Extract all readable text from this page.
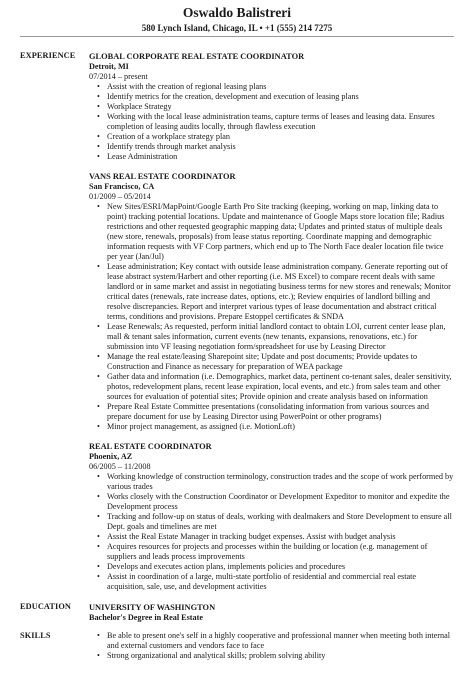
Oswaldo Balistreri
580 Lynch Island, Chicago, IL • +1 (555) 214 7275
EXPERIENCE GLOBAL CORPORATE REAL ESTATE COORDINATOR
Detroit, MI
07/2014 – present
• Assist with the creation of regional leasing plans
• Identify metrics for the creation, development and execution of leasing plans
• Workplace Strategy
• Working with the local lease administration teams, capture terms of leases and leasing data. Ensures completion of leasing audits locally, through flawless execution
• Creation of a workplace strategy plan
• Identify trends through market analysis
• Lease Administration
VANS REAL ESTATE COORDINATOR
San Francisco, CA
01/2009 – 05/2014
• New Sites/ESRI/MapPoint/Google Earth Pro Site tracking (keeping, working on map, linking data to point) tracking potential locations. Update and maintenance of Google Maps store location file; Radius restrictions and other requested geographic mapping data; Updates and printed status of multiple deals (new store, renewals, proposals) from lease status reporting. Coordinate mapping and demographic information requests with VF Corp partners, which end up to The North Face dealer location file twice per year (Jan/Jul)
• Lease administration; Key contact with outside lease administration company. Generate reporting out of lease abstract system/Harbert and other reporting (i.e. MS Excel) to compare recent deals with same landlord or in same market and assist in negotiating business terms for new stores and renewals; Monitor critical dates (renewals, rate increase dates, options, etc.); Review enquiries of landlord billing and resolve discrepancies. Report and interpret various types of lease documentation and abstract critical terms, conditions and provisions. Prepare Estoppel certificates & SNDA
• Lease Renewals; As requested, perform initial landlord contact to obtain LOI, current center lease plan, mall & tenant sales information, current events (new tenants, expansions, renovations, etc.) for submission into VF leasing negotiation form/spreadsheet for use by Leasing Director
• Manage the real estate/leasing Sharepoint site; Update and post documents; Provide updates to Construction and Finance as necessary for preparation of WEA package
• Gather data and information (i.e. Demographics, market data, pertinent co-tenant sales, dealer sensitivity, photos, redevelopment plans, recent lease expiration, local events, and etc.) from sales team and other sources for evaluation of potential sites; Provide opinion and create analysis based on information
• Prepare Real Estate Committee presentations (consolidating information from various sources and prepare document for use by Leasing Director using PowerPoint or other programs)
• Minor project management, as assigned (i.e. MotionLoft)
REAL ESTATE COORDINATOR
Phoenix, AZ
06/2005 – 11/2008
• Working knowledge of construction terminology, construction trades and the scope of work performed by various trades
• Works closely with the Construction Coordinator or Development Expeditor to monitor and expedite the Development process
• Tracking and follow-up on status of deals, working with dealmakers and Store Development to ensure all Dept. goals and timelines are met
• Assist the Real Estate Manager in tracking budget expenses. Assist with budget analysis
• Acquires resources for projects and processes within the building or location (e.g. management of suppliers and leads process improvements
• Develops and executes action plans, implements policies and procedures
• Assist in coordination of a large, multi-state portfolio of residential and commercial real estate acquisition, sale, use, and development activities
EDUCATION UNIVERSITY OF WASHINGTON
Bachelor's Degree in Real Estate
SKILLS
•	Be able to present one's self in a highly cooperative and professional manner when meeting both internal and external customers and vendors face to face
• Strong organizational and analytical skills; problem solving ability
